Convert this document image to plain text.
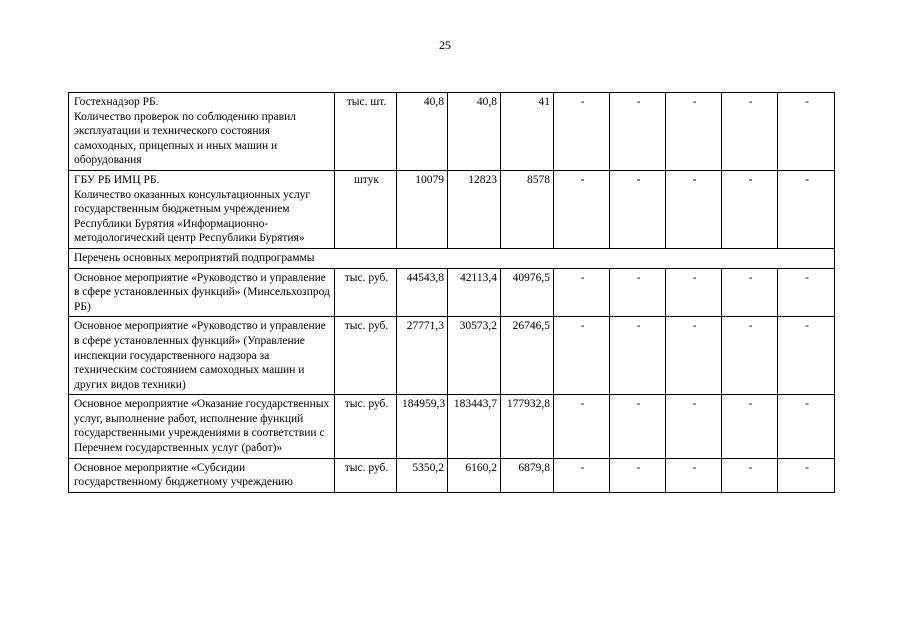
25
Гостехнадзор РБ.
Количество проверок по соблюдению правил эксплуатации и технического состояния самоходных, прицепных и иных машин и оборудования	тыс. шт.	40,8	40,8	41	-	-	-	-	-
ГБУ РБ ИМЦ РБ.
Количество оказанных консультационных услуг государственным бюджетным учреждением Республики Бурятия «Информационно-методологический центр Республики Бурятия»	штук	10079	12823	8578	-	-	-	-	-
Перечень основных мероприятий подпрограммы									
Основное мероприятие «Руководство и управление в сфере установленных функций» (Минсельхозпрод РБ)	тыс. руб.	44543,8	42113,4	40976,5	-	-	-	-	-
Основное мероприятие «Руководство и управление в сфере установленных функций» (Управление инспекции государственного надзора за техническим состоянием самоходных машин и других видов техники)	тыс. руб.	27771,3	30573,2	26746,5	-	-	-	-	-
Основное мероприятие «Оказание государственных услуг, выполнение работ, исполнение функций государственными учреждениями в соответствии с Перечнем государственных услуг (работ)»	тыс. руб.	184959,3	183443,7	177932,8	-	-	-	-	-
Основное мероприятие «Субсидии государственному бюджетному учреждению	тыс. руб.	5350,2	6160,2	6879,8	-	-	-	-	-
